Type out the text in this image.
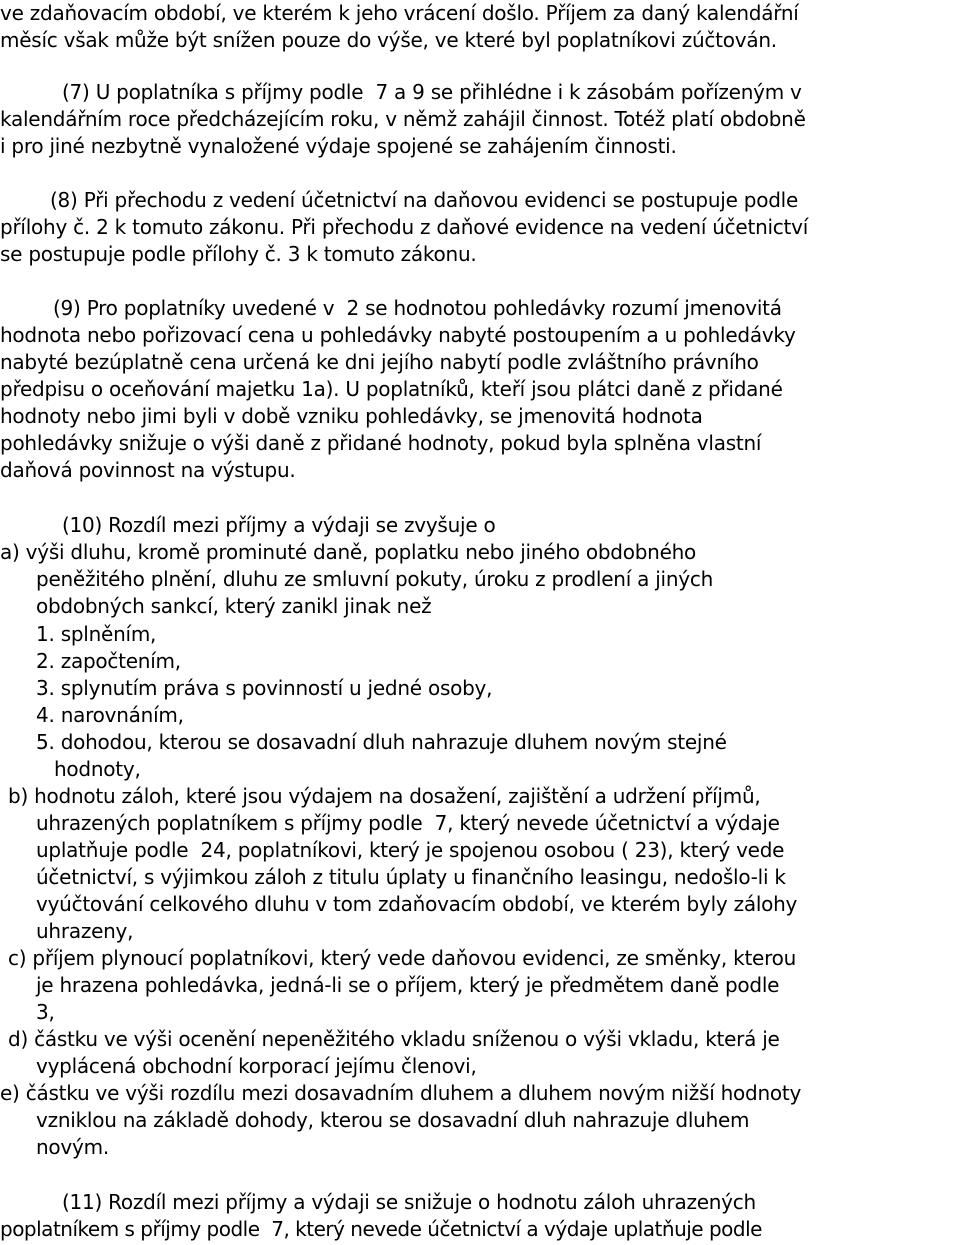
ve zdaňovacím období, ve kterém k jeho vrácení došlo. Příjem za daný kalendářní
měsíc však může být snížen pouze do výše, ve které byl poplatníkovi zúčtován.
(7) U poplatníka s příjmy podle  7 a 9 se přihlédne i k zásobám pořízeným v
kalendářním roce předcházejícím roku, v němž zahájil činnost. Totéž platí obdobně
i pro jiné nezbytně vynaložené výdaje spojené se zahájením činnosti.
(8) Při přechodu z vedení účetnictví na daňovou evidenci se postupuje podle
přílohy č. 2 k tomuto zákonu. Při přechodu z daňové evidence na vedení účetnictví
se postupuje podle přílohy č. 3 k tomuto zákonu.
(9) Pro poplatníky uvedené v  2 se hodnotou pohledávky rozumí jmenovitá
hodnota nebo pořizovací cena u pohledávky nabyté postoupením a u pohledávky
nabyté bezúplatně cena určená ke dni jejího nabytí podle zvláštního právního
předpisu o oceňování majetku 1a). U poplatníků, kteří jsou plátci daně z přidané
hodnoty nebo jimi byli v době vzniku pohledávky, se jmenovitá hodnota
pohledávky snižuje o výši daně z přidané hodnoty, pokud byla splněna vlastní
daňová povinnost na výstupu.
(10) Rozdíl mezi příjmy a výdaji se zvyšuje o
a) výši dluhu, kromě prominuté daně, poplatku nebo jiného obdobného
peněžitého plnění, dluhu ze smluvní pokuty, úroku z prodlení a jiných
obdobných sankcí, který zanikl jinak než
1. splněním,
2. započtením,
3. splynutím práva s povinností u jedné osoby,
4. narovnáním,
5. dohodou, kterou se dosavadní dluh nahrazuje dluhem novým stejné
hodnoty,
b) hodnotu záloh, které jsou výdajem na dosažení, zajištění a udržení příjmů,
uhrazených poplatníkem s příjmy podle  7, který nevede účetnictví a výdaje
uplatňuje podle  24, poplatníkovi, který je spojenou osobou ( 23), který vede
účetnictví, s výjimkou záloh z titulu úplaty u finančního leasingu, nedošlo-li k
vyúčtování celkového dluhu v tom zdaňovacím období, ve kterém byly zálohy
uhrazeny,
c) příjem plynoucí poplatníkovi, který vede daňovou evidenci, ze směnky, kterou
je hrazena pohledávka, jedná-li se o příjem, který je předmětem daně podle
3,
d) částku ve výši ocenění nepeněžitého vkladu sníženou o výši vkladu, která je
vyplácená obchodní korporací jejímu členovi,
e) částku ve výši rozdílu mezi dosavadním dluhem a dluhem novým nižší hodnoty
vzniklou na základě dohody, kterou se dosavadní dluh nahrazuje dluhem
novým.
(11) Rozdíl mezi příjmy a výdaji se snižuje o hodnotu záloh uhrazených
poplatníkem s příjmy podle  7, který nevede účetnictví a výdaje uplatňuje podle
